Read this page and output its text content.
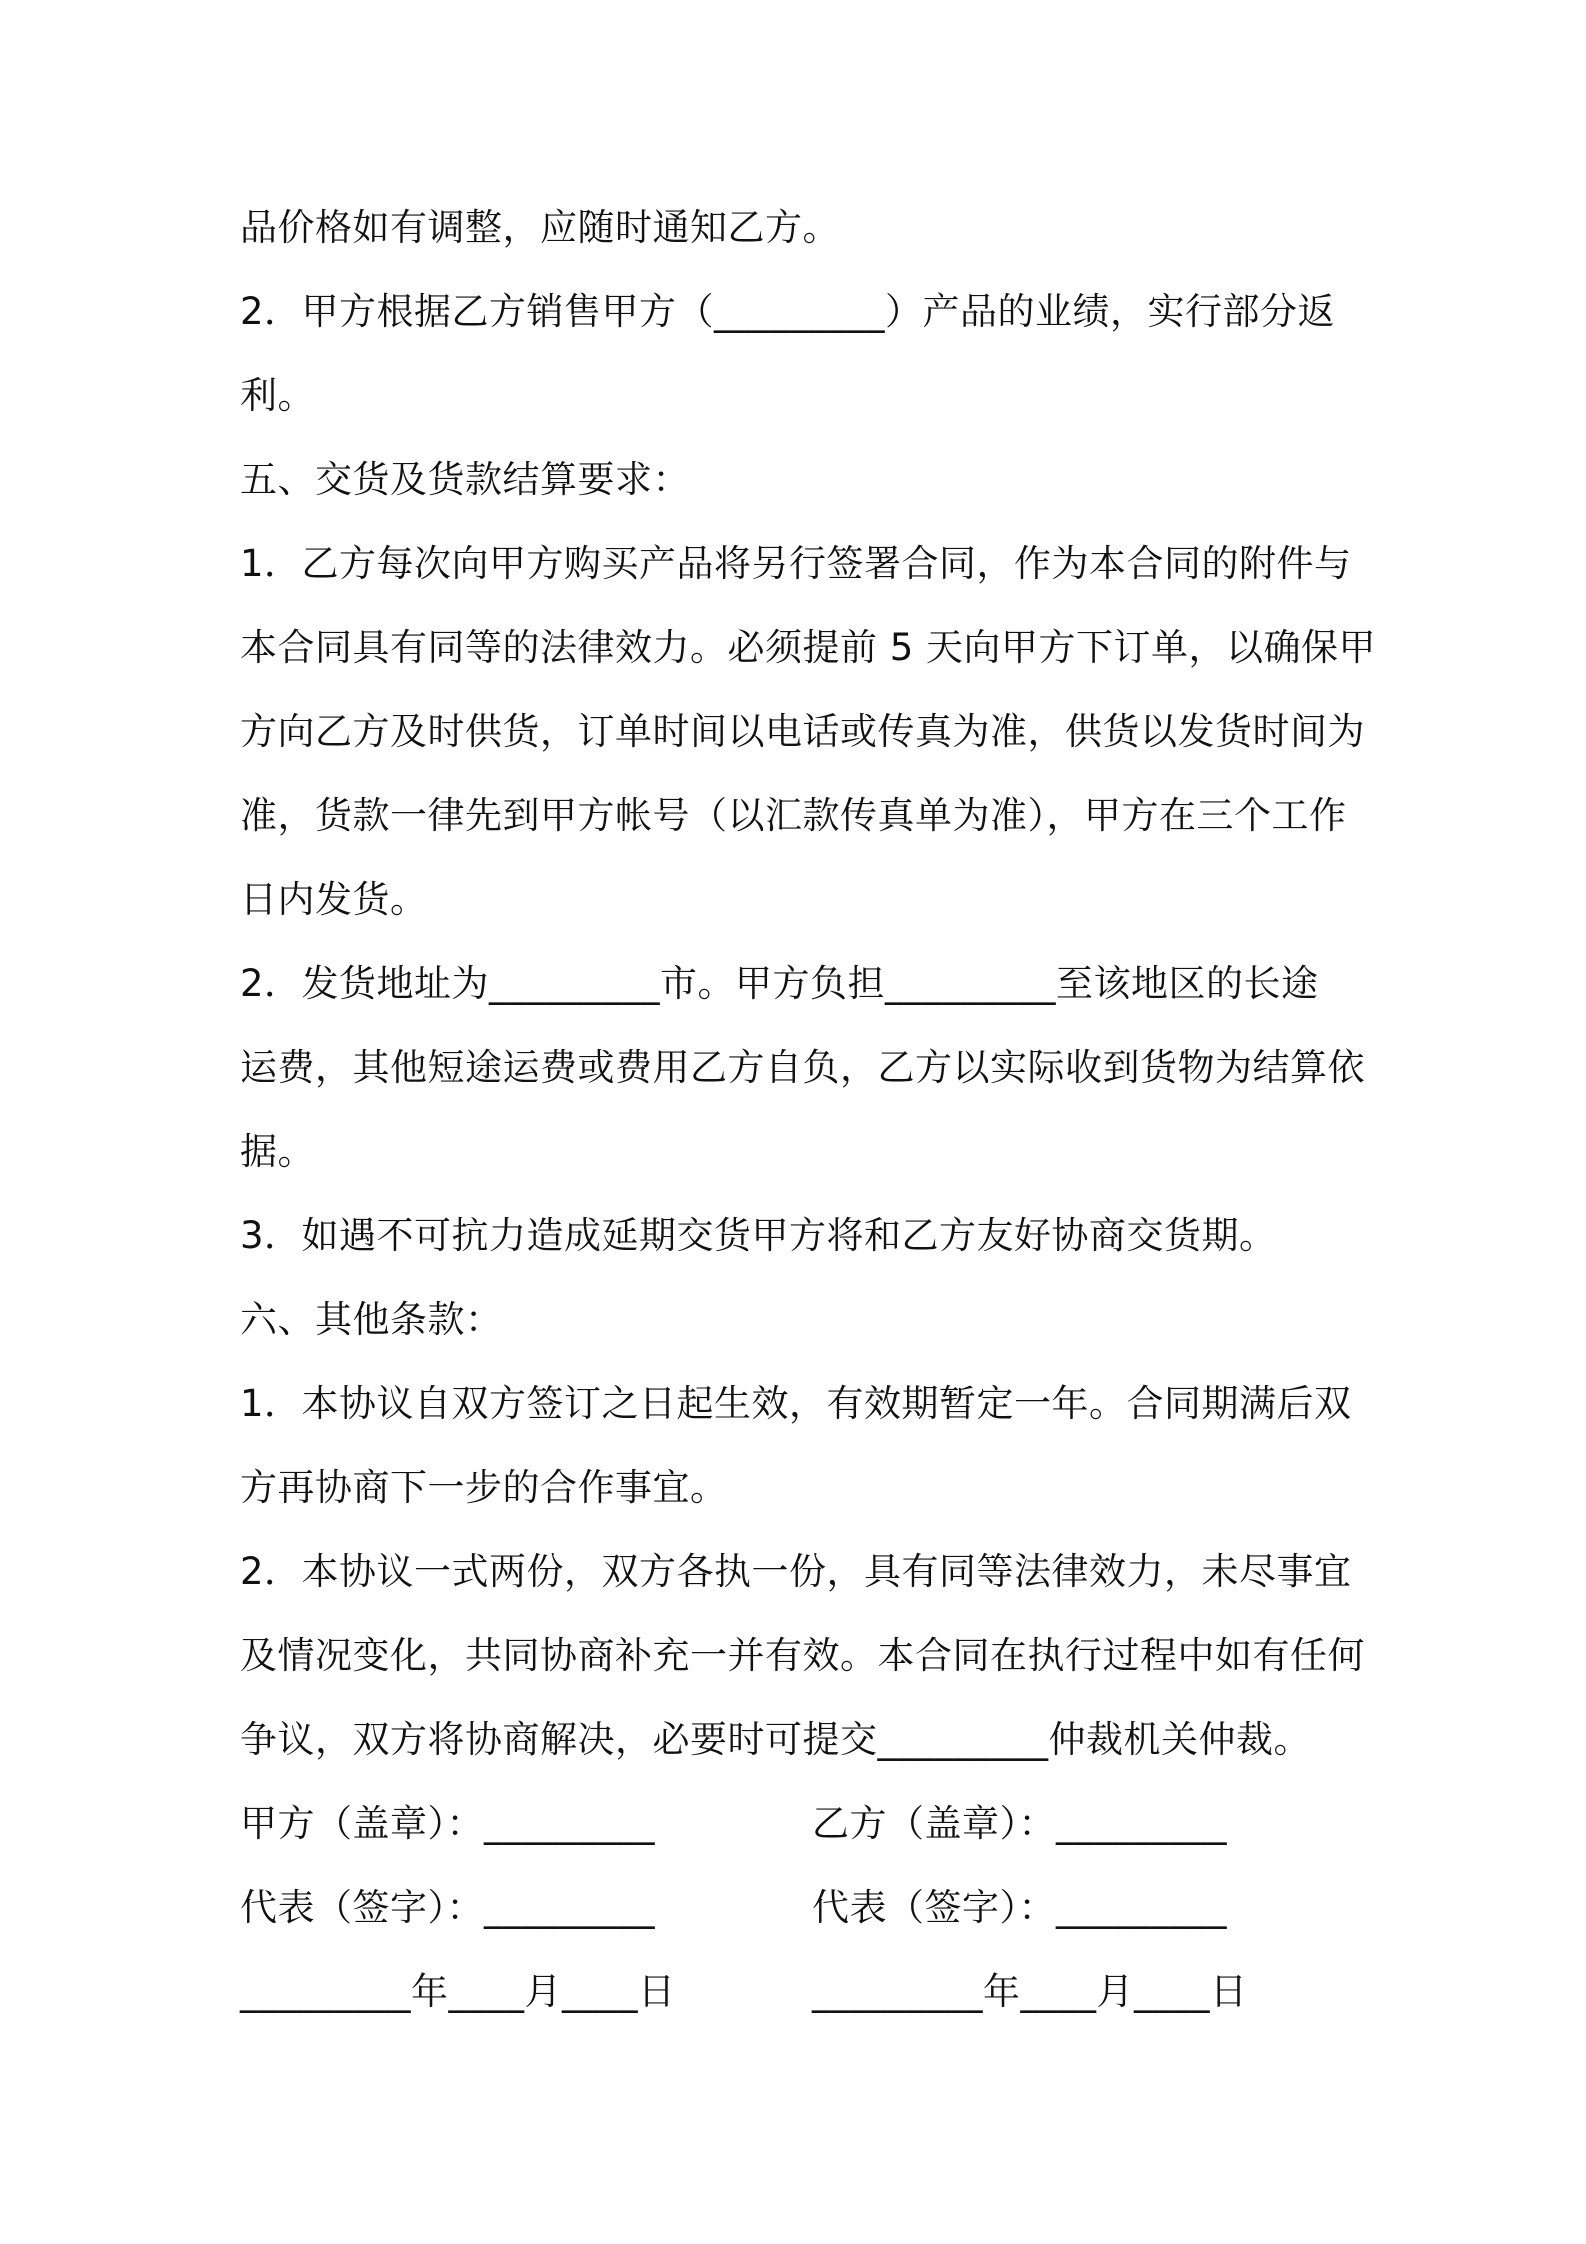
品价格如有调整，应随时通知乙方。
2．甲方根据乙方销售甲方（_________）产品的业绩，实行部分返
利。
五、交货及货款结算要求：
1．乙方每次向甲方购买产品将另行签署合同，作为本合同的附件与
本合同具有同等的法律效力。必须提前 5 天向甲方下订单，以确保甲
方向乙方及时供货，订单时间以电话或传真为准，供货以发货时间为
准，货款一律先到甲方帐号（以汇款传真单为准），甲方在三个工作
日内发货。
2．发货地址为_________市。甲方负担_________至该地区的长途
运费，其他短途运费或费用乙方自负，乙方以实际收到货物为结算依
据。
3．如遇不可抗力造成延期交货甲方将和乙方友好协商交货期。
六、其他条款：
1．本协议自双方签订之日起生效，有效期暂定一年。合同期满后双
方再协商下一步的合作事宜。
2．本协议一式两份，双方各执一份，具有同等法律效力，未尽事宜
及情况变化，共同协商补充一并有效。本合同在执行过程中如有任何
争议，双方将协商解决，必要时可提交_________仲裁机关仲裁。
甲方（盖章）：_________	乙方（盖章）：_________
代表（签字）：_________	代表（签字）：_________
_________年____月____日	_________年____月____日
